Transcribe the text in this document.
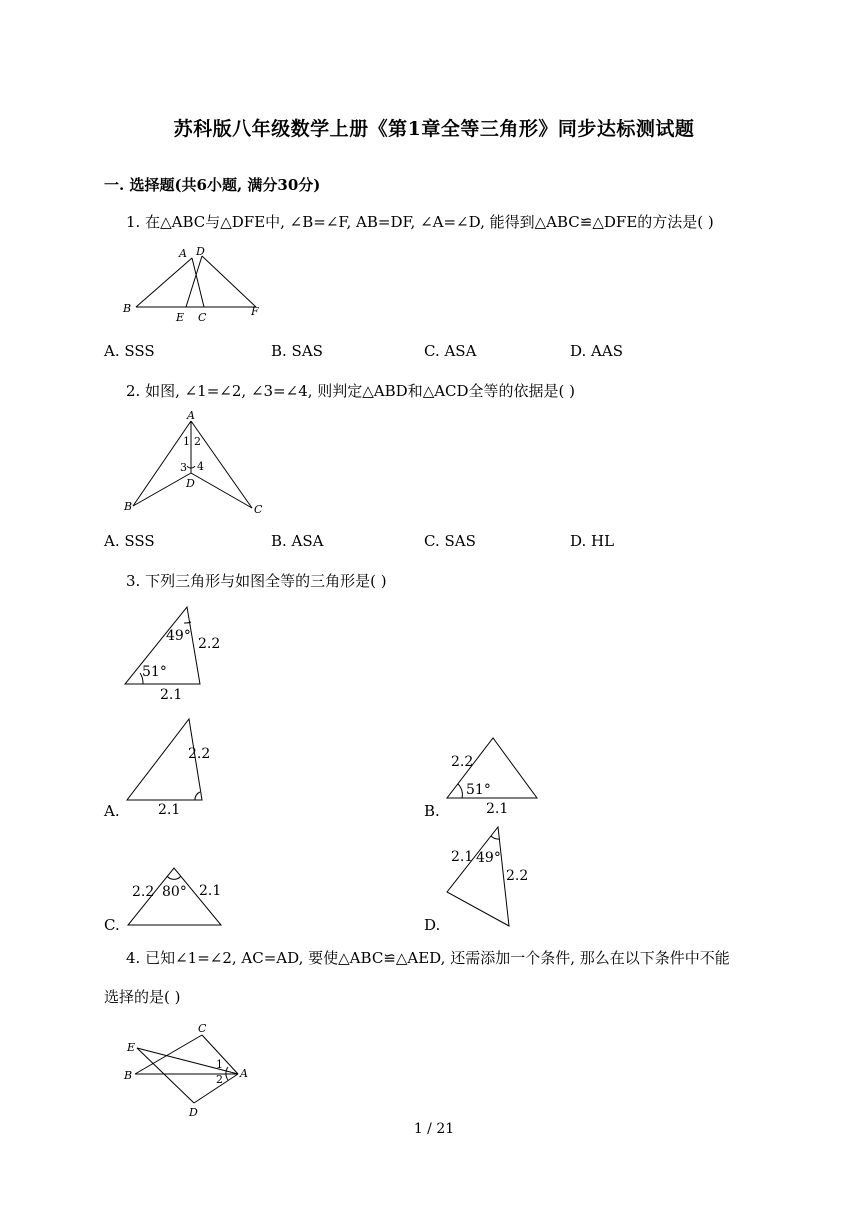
苏科版八年级数学上册《第1章全等三角形》同步达标测试题
一. 选择题(共6小题, 满分30分)
1. 在△ABC与△DFE中, ∠B=∠F, AB=DF, ∠A=∠D, 能得到△ABC≌△DFE的方法是( )
A D
B
E C	F
A. SSS	B. SAS	C. ASA	D. AAS
2. 如图, ∠1=∠2, ∠3=∠4, 则判定△ABD和△ACD全等的依据是( )
A
1 2
3 4
D
B	C
A. SSS	B. ASA	C. SAS	D. HL
3. 下列三角形与如图全等的三角形是( )
49° 2.2
51°
2.1
A.
2.2
2.1	B.
2.2
51°
2.1
C.
2.2 80° 2.1
D.
2.1 49°
2.2
4. 已知∠1=∠2, AC=AD, 要使△ABC≌△AED, 还需添加一个条件, 那么在以下条件中不能
选择的是( )
C
E
1
B	2 A
D
1 / 21
